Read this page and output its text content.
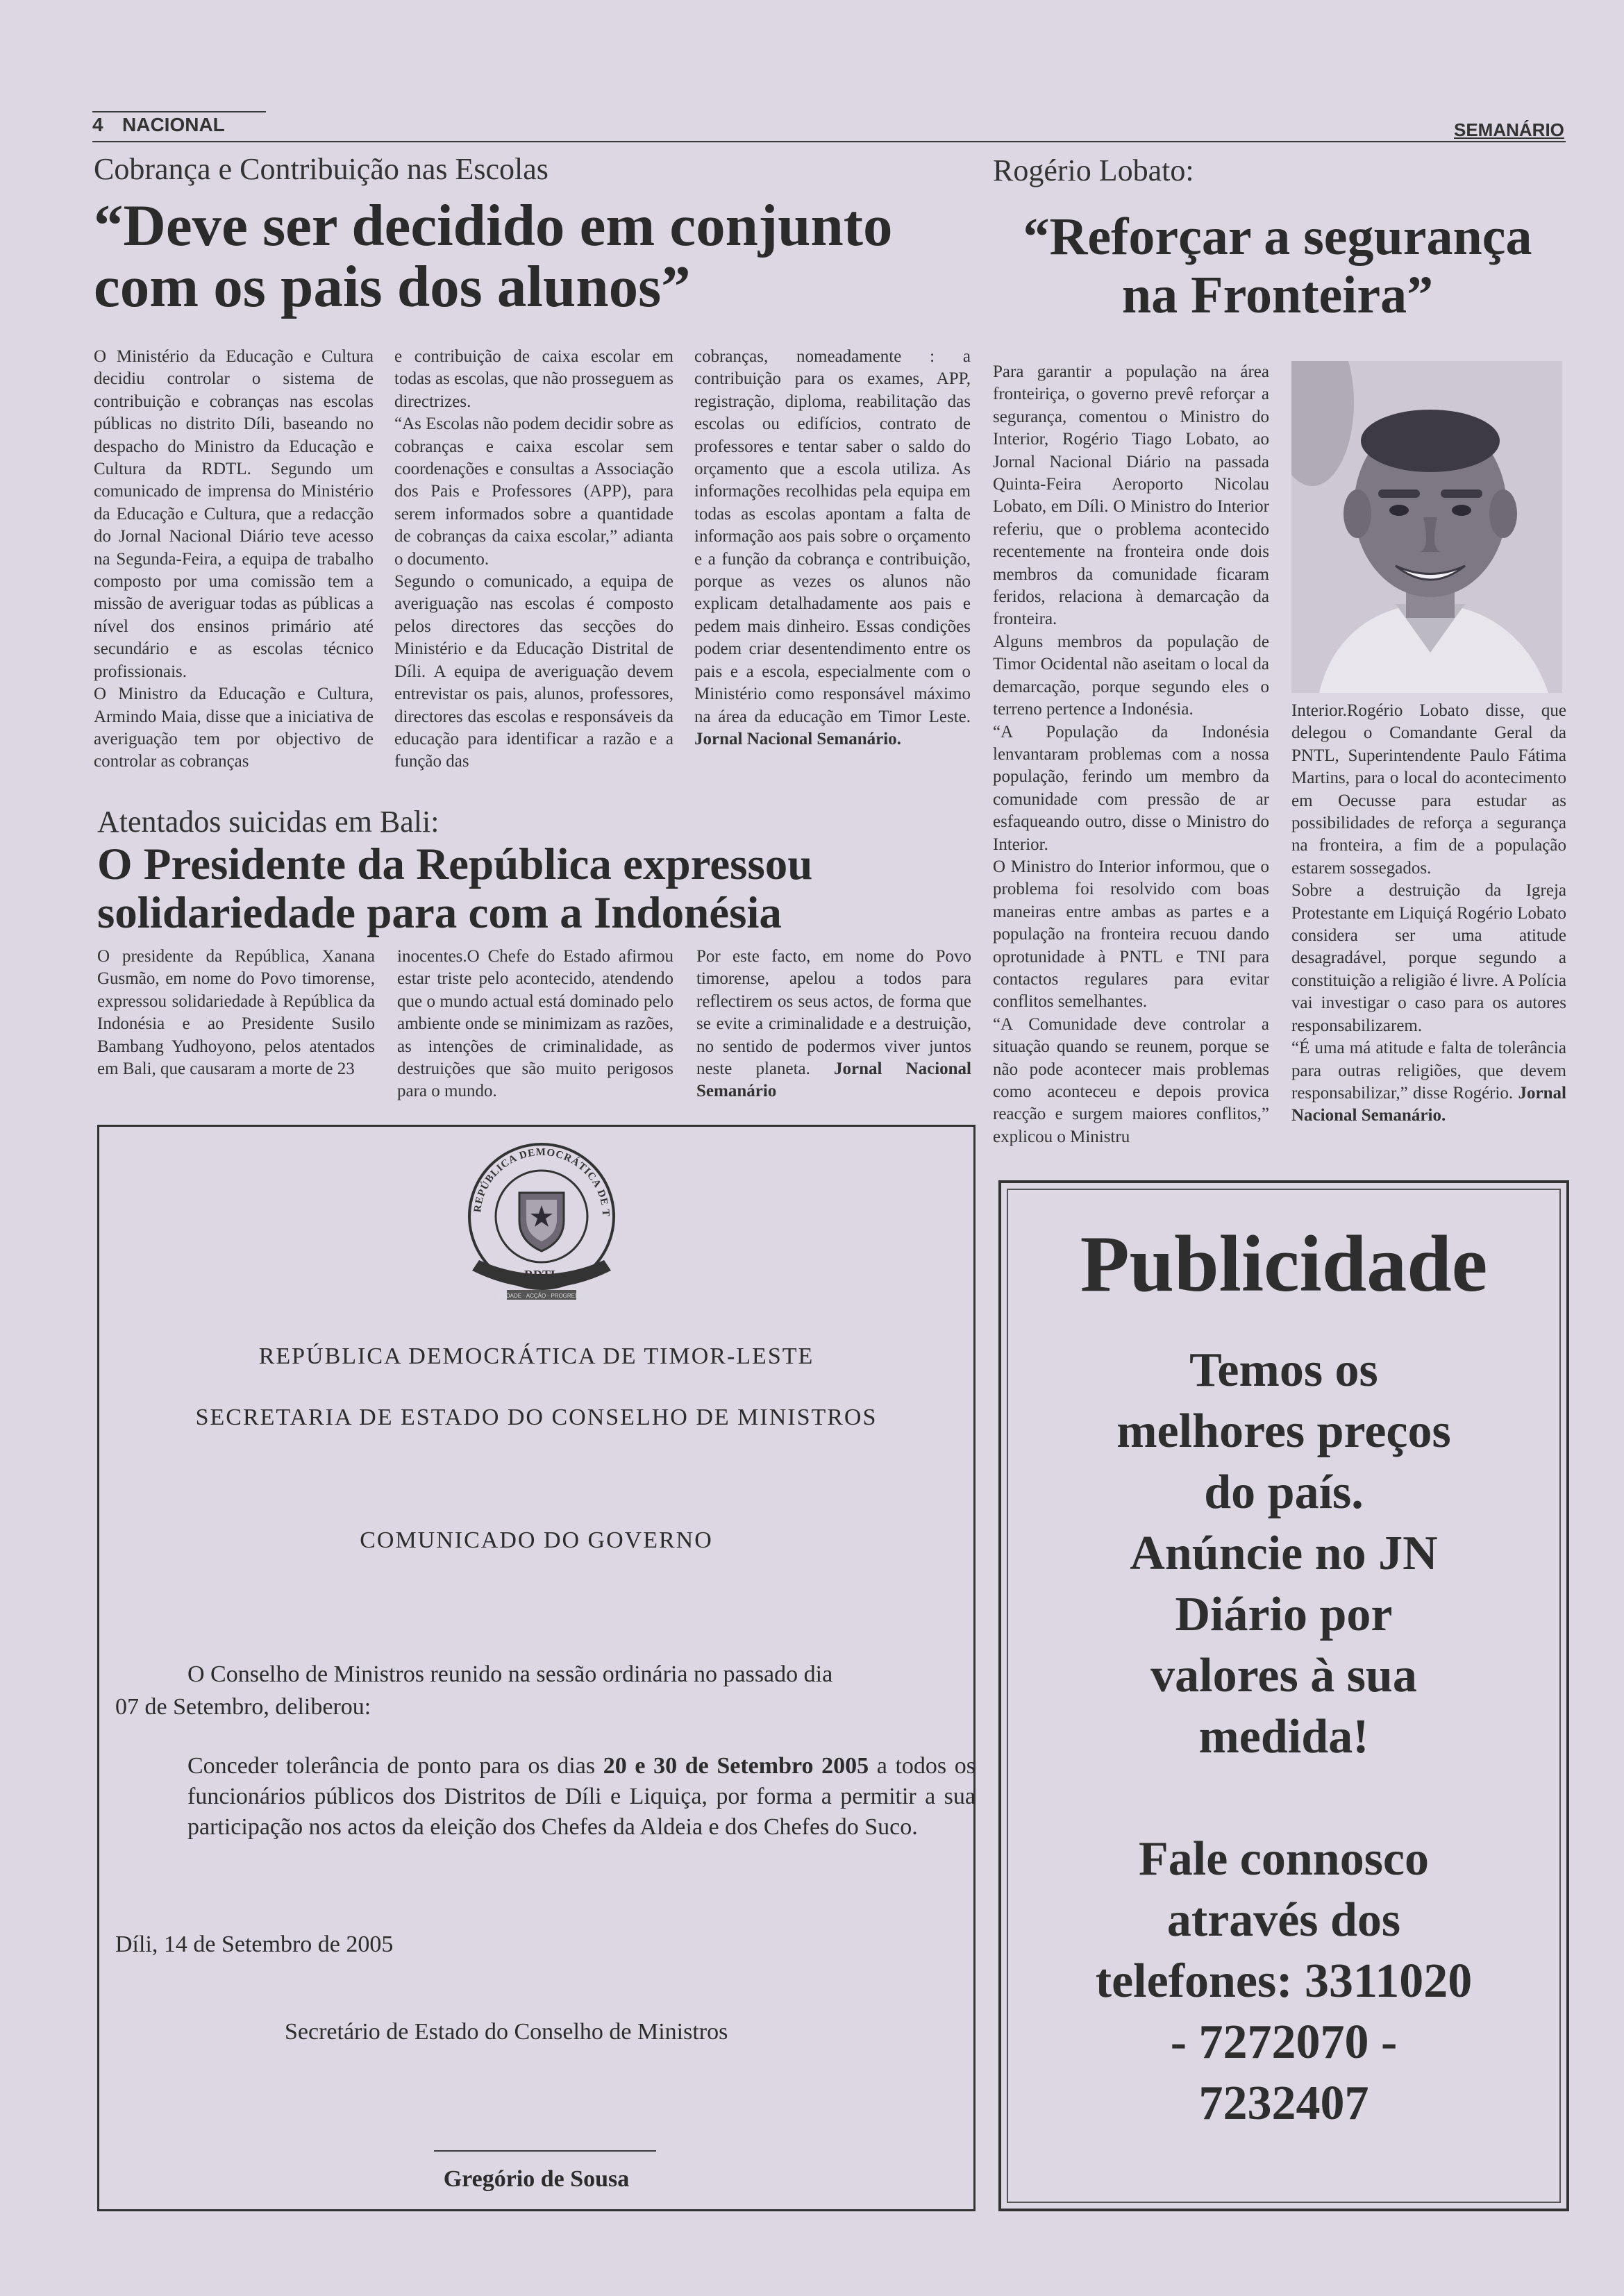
4 NACIONAL	SEMANÁRIO
Cobrança e Contribuição nas Escolas
“Deve ser decidido em conjunto
com os pais dos alunos”

O Ministério da Educação e Cultura decidiu controlar o sistema de contribuição e cobranças nas escolas públicas no distrito Díli, baseando no despacho do Ministro da Educação e Cultura da RDTL. Segundo um comunicado de imprensa do Ministério da Educação e Cultura, que a redacção do Jornal Nacional Diário teve acesso na Segunda-Feira, a equipa de trabalho composto por uma comissão tem a missão de averiguar todas as públicas a nível dos ensinos primário até secundário e as escolas técnico profissionais.

O Ministro da Educação e Cultura, Armindo Maia, disse que a iniciativa de averiguação tem por objectivo de controlar as cobranças

e contribuição de caixa escolar em todas as escolas, que não prosseguem as directrizes.

“As Escolas não podem decidir sobre as cobranças e caixa escolar sem coordenações e consultas a Associação dos Pais e Professores (APP), para serem informados sobre a quantidade de cobranças da caixa escolar,” adianta o documento.

Segundo o comunicado, a equipa de averiguação nas escolas é composto pelos directores das secções do Ministério e da Educação Distrital de Díli. A equipa de averiguação devem entrevistar os pais, alunos, professores, directores das escolas e responsáveis da educação para identificar a razão e a função das

cobranças, nomeadamente : a contribuição para os exames, APP, registração, diploma, reabilitação das escolas ou edifícios, contrato de professores e tentar saber o saldo do orçamento que a escola utiliza. As informações recolhidas pela equipa em todas as escolas apontam a falta de informação aos pais sobre o orçamento e a função da cobrança e contribuição, porque as vezes os alunos não explicam detalhadamente aos pais e pedem mais dinheiro. Essas condições podem criar desentendimento entre os pais e a escola, especialmente com o Ministério como responsável máximo na área da educação em Timor Leste. Jornal Nacional Semanário.

Atentados suicidas em Bali:
O Presidente da República expressou
solidariedade para com a Indonésia

O presidente da República, Xanana Gusmão, em nome do Povo timorense, expressou solidariedade à República da Indonésia e ao Presidente Susilo Bambang Yudhoyono, pelos atentados em Bali, que causaram a morte de 23

inocentes.O Chefe do Estado afirmou estar triste pelo acontecido, atendendo que o mundo actual está dominado pelo ambiente onde se minimizam as razões, as intenções de criminalidade, as destruições que são muito perigosos para o mundo.

Por este facto, em nome do Povo timorense, apelou a todos para reflectirem os seus actos, de forma que se evite a criminalidade e a destruição, no sentido de podermos viver juntos neste planeta. Jornal Nacional Semanário

Rogério Lobato:
“Reforçar a segurança
na Fronteira”

Para garantir a população na área fronteiriça, o governo prevê reforçar a segurança, comentou o Ministro do Interior, Rogério Tiago Lobato, ao Jornal Nacional Diário na passada Quinta-Feira Aeroporto Nicolau Lobato, em Díli. O Ministro do Interior referiu, que o problema acontecido recentemente na fronteira onde dois membros da comunidade ficaram feridos, relaciona à demarcação da fronteira.

Alguns membros da população de Timor Ocidental não aseitam o local da demarcação, porque segundo eles o terreno pertence a Indonésia.

“A População da Indonésia lenvantaram problemas com a nossa população, ferindo um membro da comunidade com pressão de ar esfaqueando outro, disse o Ministro do Interior.

O Ministro do Interior informou, que o problema foi resolvido com boas maneiras entre ambas as partes e a população na fronteira recuou dando oprotunidade à PNTL e TNI para contactos regulares para evitar conflitos semelhantes.

“A Comunidade deve controlar a situação quando se reunem, porque se não pode acontecer mais problemas como aconteceu e depois provica reacção e surgem maiores conflitos,” explicou o Ministru

Interior.Rogério Lobato disse, que delegou o Comandante Geral da PNTL, Superintendente Paulo Fátima Martins, para o local do acontecimento em Oecusse para estudar as possibilidades de reforça a segurança na fronteira, a fim de a população estarem sossegados.

Sobre a destruição da Igreja Protestante em Liquiçá Rogério Lobato considera ser uma atitude desagradável, porque segundo a constituição a religião é livre. A Polícia vai investigar o caso para os autores responsabilizarem.

“É uma má atitude e falta de tolerância para outras religiões, que devem responsabilizar,” disse Rogério. Jornal Nacional Semanário.

REPÚBLICA DEMOCRÁTICA DE T
RDTL
UNIDADE · ACÇÃO · PROGRESSO
REPÚBLICA DEMOCRÁTICA DE TIMOR-LESTE
SECRETARIA DE ESTADO DO CONSELHO DE MINISTROS
COMUNICADO DO GOVERNO
O Conselho de Ministros reunido na sessão ordinária no passado dia
07 de Setembro, deliberou:
Conceder tolerância de ponto para os dias 20 e 30 de Setembro 2005 a todos os funcionários públicos dos Distritos de Díli e Liquiça, por forma a permitir a sua participação nos actos da eleição dos Chefes da Aldeia e dos Chefes do Suco.
Díli, 14 de Setembro de 2005
Secretário de Estado do Conselho de Ministros
Gregório de Sousa
Publicidade
Temos os
melhores preços
do país.
Anúncie no JN
Diário por
valores à sua
medida!
Fale connosco
através dos
telefones: 3311020
- 7272070 -
7232407
